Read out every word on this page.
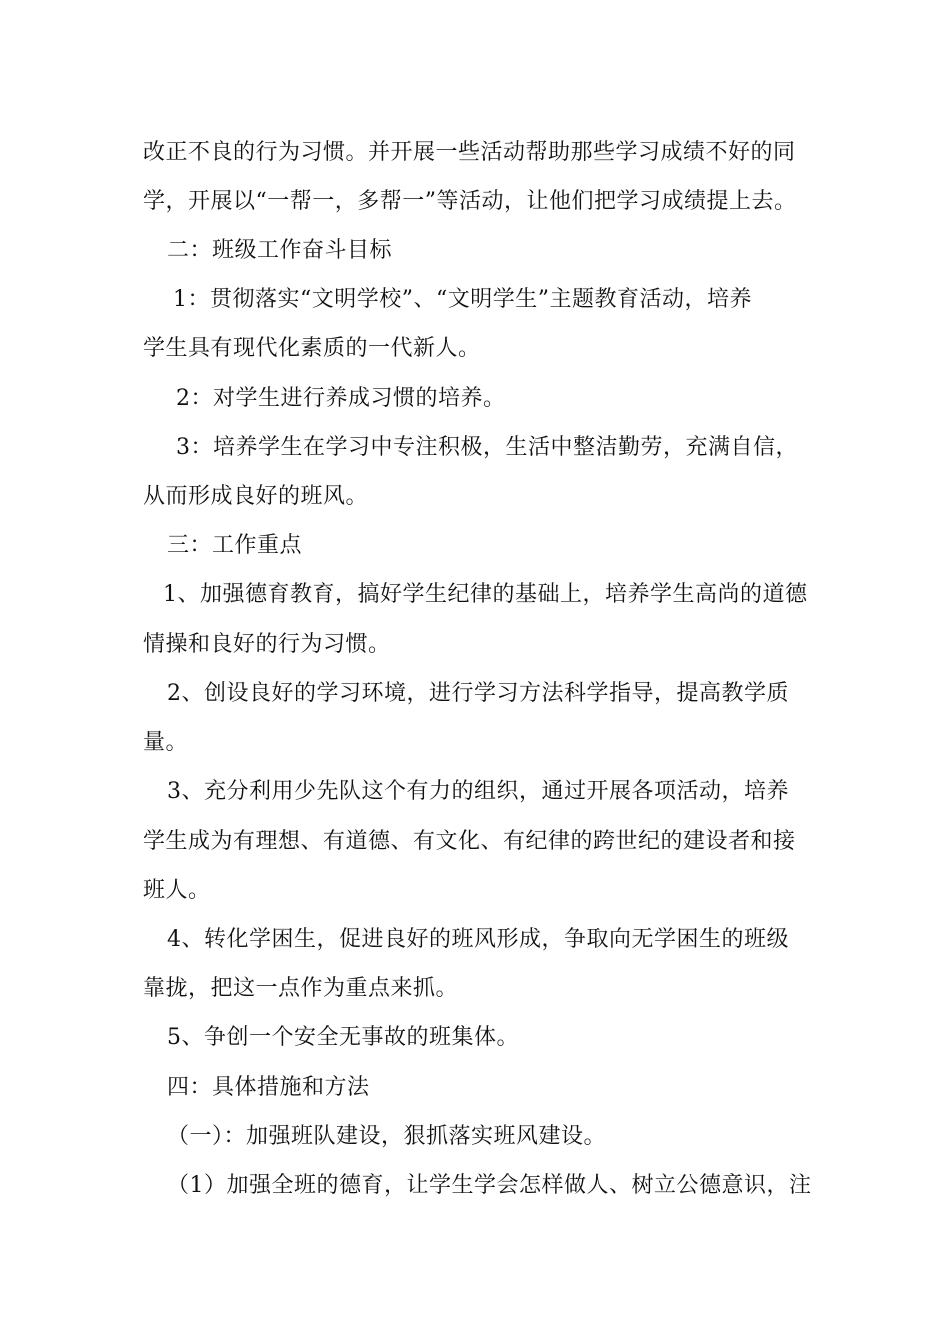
改正不良的行为习惯。并开展一些活动帮助那些学习成绩不好的同
学，开展以“一帮一，多帮一”等活动，让他们把学习成绩提上去。
二：班级工作奋斗目标
1：贯彻落实“文明学校”、“文明学生”主题教育活动，培养
学生具有现代化素质的一代新人。
2：对学生进行养成习惯的培养。
3：培养学生在学习中专注积极，生活中整洁勤劳，充满自信，
从而形成良好的班风。
三：工作重点
1、加强德育教育，搞好学生纪律的基础上，培养学生高尚的道德
情操和良好的行为习惯。
2、创设良好的学习环境，进行学习方法科学指导，提高教学质
量。
3、充分利用少先队这个有力的组织，通过开展各项活动，培养
学生成为有理想、有道德、有文化、有纪律的跨世纪的建设者和接
班人。
4、转化学困生，促进良好的班风形成，争取向无学困生的班级
靠拢，把这一点作为重点来抓。
5、争创一个安全无事故的班集体。
四：具体措施和方法
（一）：加强班队建设，狠抓落实班风建设。
（1）加强全班的德育，让学生学会怎样做人、树立公德意识，注
